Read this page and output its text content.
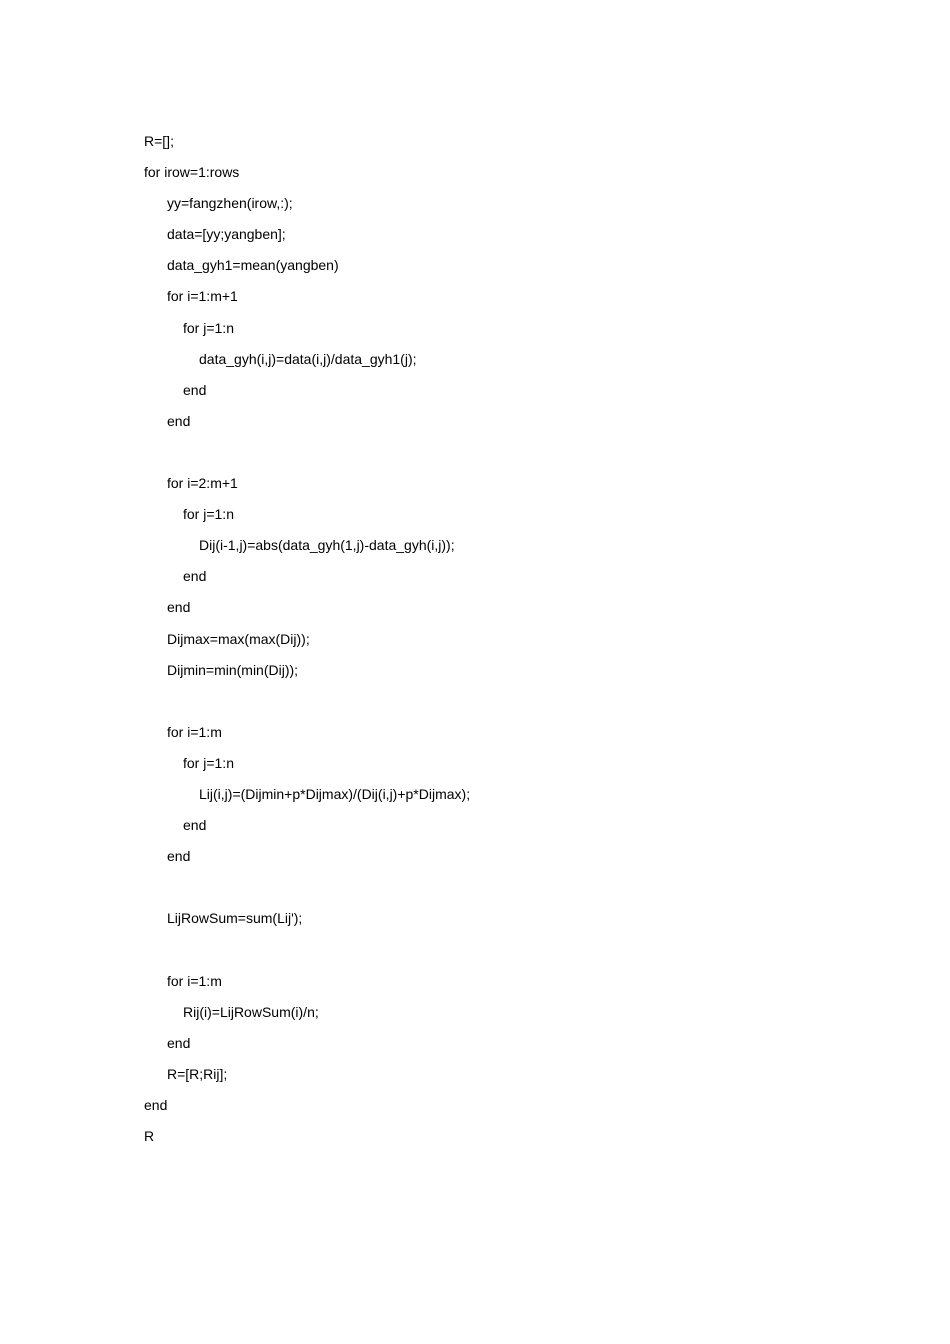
R=[];
for irow=1:rows
yy=fangzhen(irow,:);
data=[yy;yangben];
data_gyh1=mean(yangben)
for i=1:m+1
for j=1:n
data_gyh(i,j)=data(i,j)/data_gyh1(j);
end
end
for i=2:m+1
for j=1:n
Dij(i-1,j)=abs(data_gyh(1,j)-data_gyh(i,j));
end
end
Dijmax=max(max(Dij));
Dijmin=min(min(Dij));
for i=1:m
for j=1:n
Lij(i,j)=(Dijmin+p*Dijmax)/(Dij(i,j)+p*Dijmax);
end
end
LijRowSum=sum(Lij');
for i=1:m
Rij(i)=LijRowSum(i)/n;
end
R=[R;Rij];
end
R
